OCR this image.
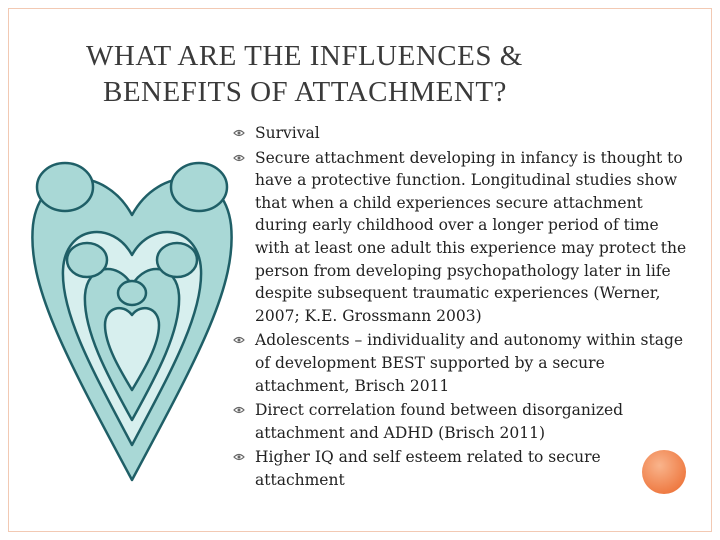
WHAT ARE THE INFLUENCES &
BENEFITS OF ATTACHMENT?
Survival
Secure attachment developing in infancy is thought to have a protective function. Longitudinal studies show that when a child experiences secure attachment during early childhood over a longer period of time with at least one adult this experience may protect the person from developing psychopathology later in life despite subsequent traumatic experiences (Werner, 2007; K.E. Grossmann 2003)
Adolescents – individuality and autonomy within stage of development BEST supported by a secure attachment, Brisch 2011
Direct correlation found between disorganized attachment and ADHD (Brisch 2011)
Higher IQ and self esteem related to secure attachment
